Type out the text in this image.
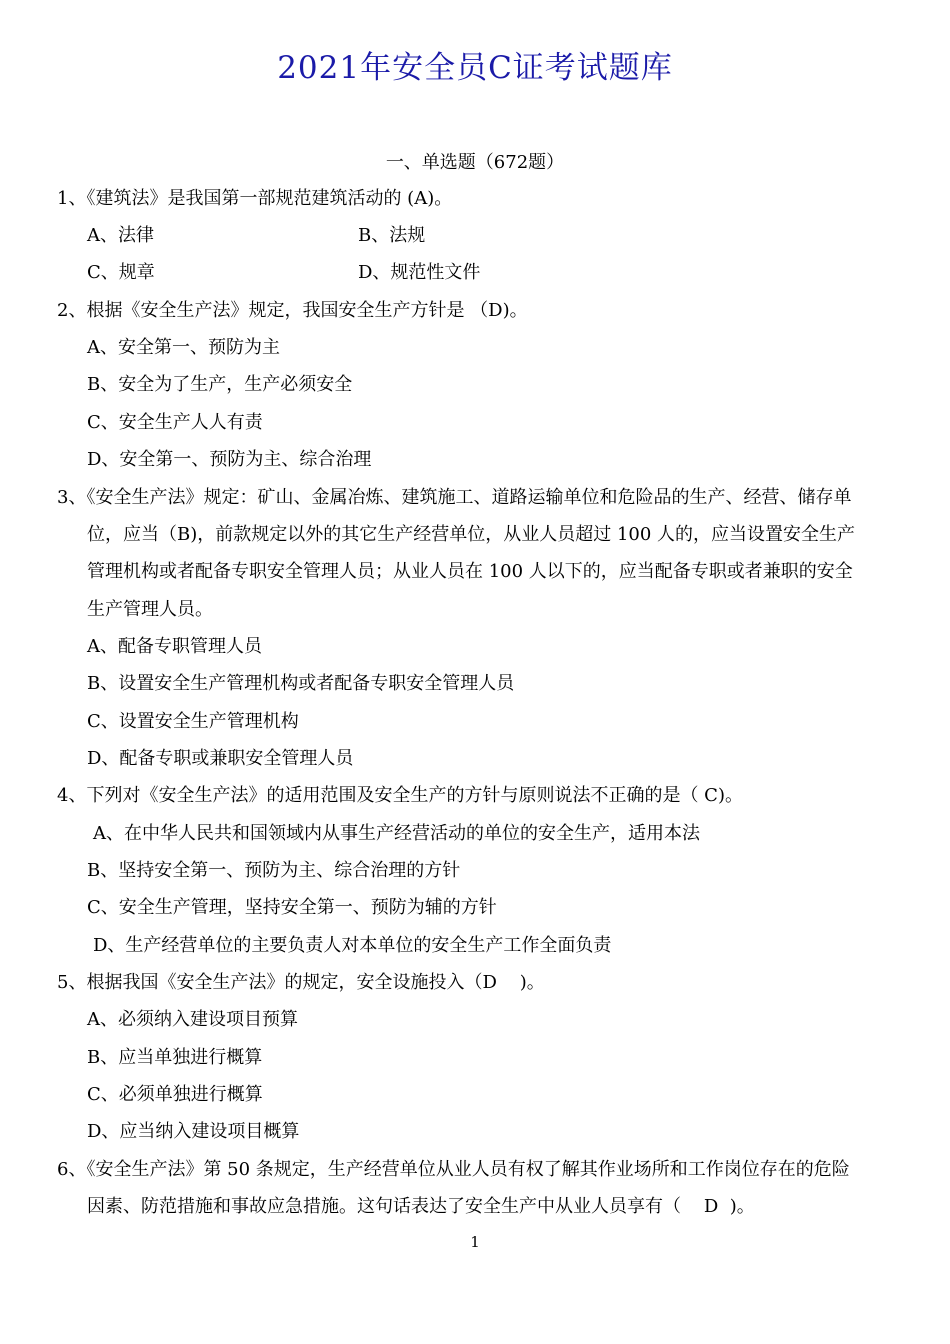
2021年安全员C证考试题库
一、单选题（672题）
1、《建筑法》是我国第一部规范建筑活动的 (A)。
A、法律	B、法规
C、规章	D、规范性文件
2、根据《安全生产法》规定，我国安全生产方针是 （D)。
A、安全第一、预防为主
B、安全为了生产，生产必须安全
C、安全生产人人有责
D、安全第一、预防为主、综合治理
3、《安全生产法》规定：矿山、金属冶炼、建筑施工、道路运输单位和危险品的生产、经营、储存单
位，应当（B)，前款规定以外的其它生产经营单位，从业人员超过 100 人的，应当设置安全生产
管理机构或者配备专职安全管理人员；从业人员在 100 人以下的，应当配备专职或者兼职的安全
生产管理人员。
A、配备专职管理人员
B、设置安全生产管理机构或者配备专职安全管理人员
C、设置安全生产管理机构
D、配备专职或兼职安全管理人员
4、下列对《安全生产法》的适用范围及安全生产的方针与原则说法不正确的是（ C)。
A、在中华人民共和国领域内从事生产经营活动的单位的安全生产，适用本法
B、坚持安全第一、预防为主、综合治理的方针
C、安全生产管理，坚持安全第一、预防为辅的方针
D、生产经营单位的主要负责人对本单位的安全生产工作全面负责
5、根据我国《安全生产法》的规定，安全设施投入（D    )。
A、必须纳入建设项目预算
B、应当单独进行概算
C、必须单独进行概算
D、应当纳入建设项目概算
6、《安全生产法》第 50 条规定，生产经营单位从业人员有权了解其作业场所和工作岗位存在的危险
因素、防范措施和事故应急措施。这句话表达了安全生产中从业人员享有（    D  )。
1
